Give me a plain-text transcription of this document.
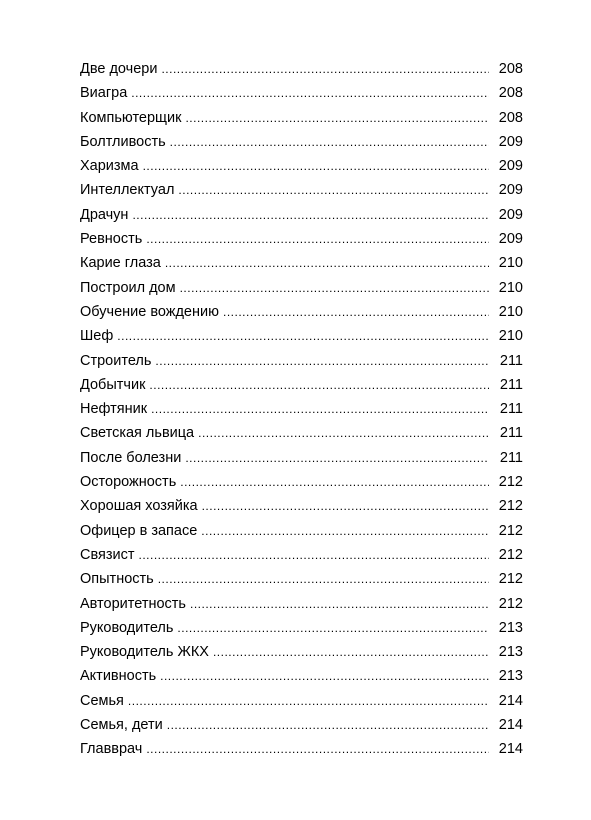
Две дочери .....	208
Виагра .....	208
Компьютерщик .....	208
Болтливость .....	209
Харизма .....	209
Интеллектуал .....	209
Драчун .....	209
Ревность .....	209
Карие глаза .....	210
Построил дом .....	210
Обучение вождению .....	210
Шеф .....	210
Строитель .....	211
Добытчик .....	211
Нефтяник .....	211
Светская львица .....	211
После болезни .....	211
Осторожность .....	212
Хорошая хозяйка .....	212
Офицер в запасе .....	212
Связист .....	212
Опытность .....	212
Авторитетность .....	212
Руководитель .....	213
Руководитель ЖКХ .....	213
Активность .....	213
Семья .....	214
Семья, дети .....	214
Главврач .....	214
